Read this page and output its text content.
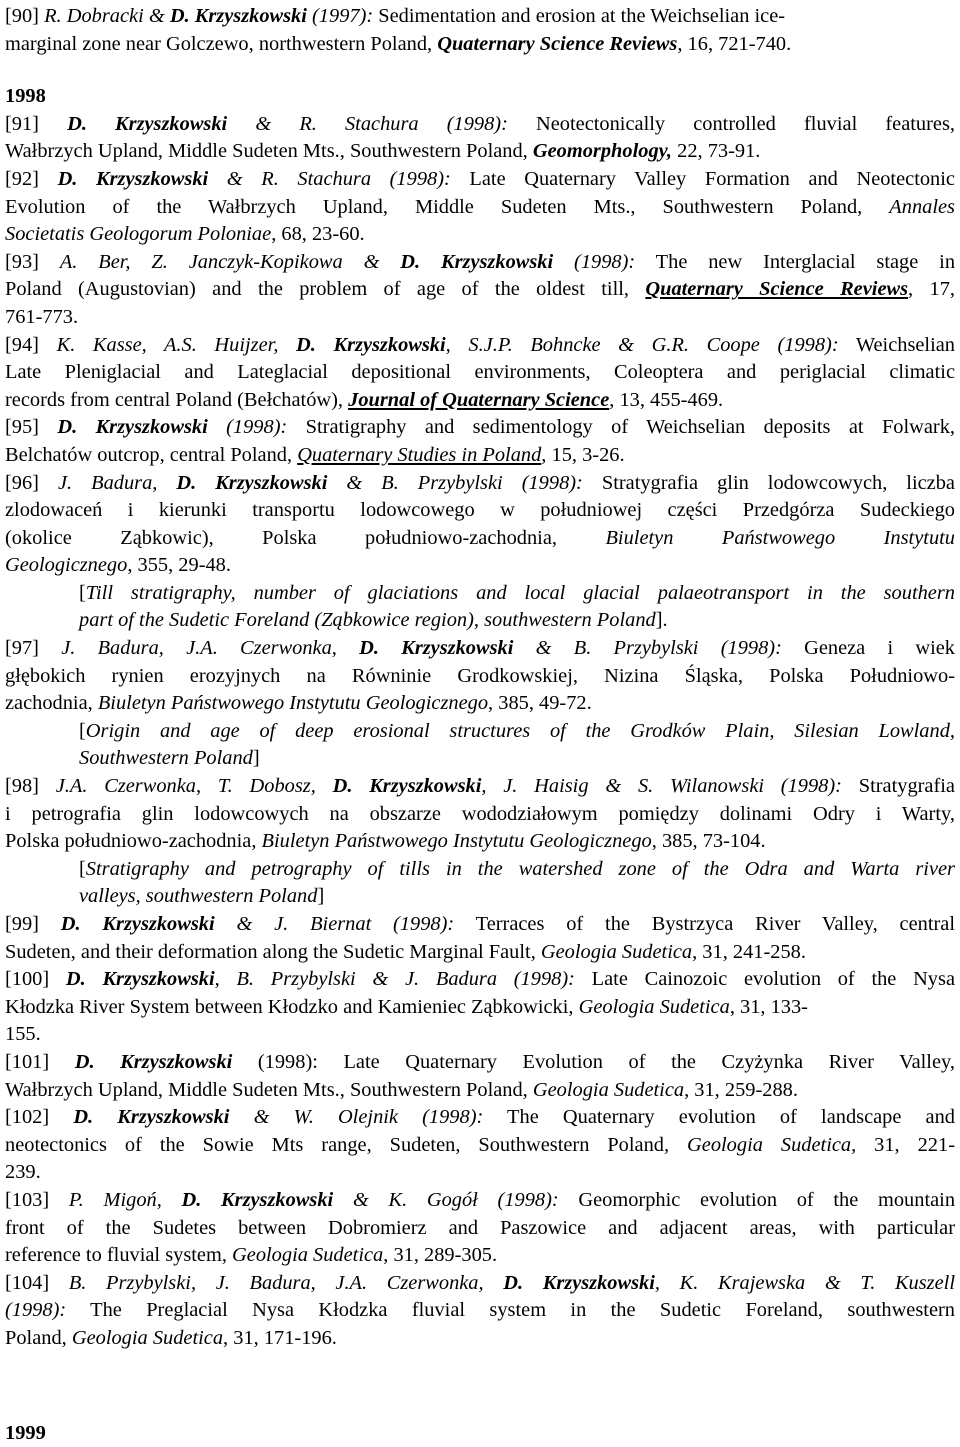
[90] R. Dobracki & D. Krzyszkowski (1997): Sedimentation and erosion at the Weichselian ice-
marginal zone near Golczewo, northwestern Poland, Quaternary Science Reviews, 16, 721-740.
1998
[91] D. Krzyszkowski & R. Stachura (1998): Neotectonically controlled fluvial features,
Wałbrzych Upland, Middle Sudeten Mts., Southwestern Poland, Geomorphology, 22, 73-91.
[92] D. Krzyszkowski & R. Stachura (1998): Late Quaternary Valley Formation and Neotectonic
Evolution of the Wałbrzych Upland, Middle Sudeten Mts., Southwestern Poland, Annales
Societatis Geologorum Poloniae, 68, 23-60.
[93] A. Ber, Z. Janczyk-Kopikowa & D. Krzyszkowski (1998): The new Interglacial stage in
Poland (Augustovian) and the problem of age of the oldest till, Quaternary Science Reviews, 17,
761-773.
[94] K. Kasse, A.S. Huijzer, D. Krzyszkowski, S.J.P. Bohncke & G.R. Coope (1998): Weichselian
Late Pleniglacial and Lateglacial depositional environments, Coleoptera and periglacial climatic
records from central Poland (Bełchatów), Journal of Quaternary Science, 13, 455-469.
[95] D. Krzyszkowski (1998): Stratigraphy and sedimentology of Weichselian deposits at Folwark,
Belchatów outcrop, central Poland, Quaternary Studies in Poland, 15, 3-26.
[96] J. Badura, D. Krzyszkowski & B. Przybylski (1998): Stratygrafia glin lodowcowych, liczba
zlodowaceń i kierunki transportu lodowcowego w południowej części Przedgórza Sudeckiego
(okolice Ząbkowic), Polska południowo-zachodnia, Biuletyn Państwowego Instytutu
Geologicznego, 355, 29-48.
[Till stratigraphy, number of glaciations and local glacial palaeotransport in the southern
part of the Sudetic Foreland (Ząbkowice region), southwestern Poland].
[97] J. Badura, J.A. Czerwonka, D. Krzyszkowski & B. Przybylski (1998): Geneza i wiek
głębokich rynien erozyjnych na Równinie Grodkowskiej, Nizina Śląska, Polska Południowo-
zachodnia, Biuletyn Państwowego Instytutu Geologicznego, 385, 49-72.
[Origin and age of deep erosional structures of the Grodków Plain, Silesian Lowland,
Southwestern Poland]
[98] J.A. Czerwonka, T. Dobosz, D. Krzyszkowski, J. Haisig & S. Wilanowski (1998): Stratygrafia
i petrografia glin lodowcowych na obszarze wododziałowym pomiędzy dolinami Odry i Warty,
Polska południowo-zachodnia, Biuletyn Państwowego Instytutu Geologicznego, 385, 73-104.
[Stratigraphy and petrography of tills in the watershed zone of the Odra and Warta river
valleys, southwestern Poland]
[99] D. Krzyszkowski & J. Biernat (1998): Terraces of the Bystrzyca River Valley, central
Sudeten, and their deformation along the Sudetic Marginal Fault, Geologia Sudetica, 31, 241-258.
[100] D. Krzyszkowski, B. Przybylski & J. Badura (1998): Late Cainozoic evolution of the Nysa
Kłodzka River System between Kłodzko and Kamieniec Ząbkowicki, Geologia Sudetica, 31, 133-
155.
[101] D. Krzyszkowski (1998): Late Quaternary Evolution of the Czyżynka River Valley,
Wałbrzych Upland, Middle Sudeten Mts., Southwestern Poland, Geologia Sudetica, 31, 259-288.
[102] D. Krzyszkowski & W. Olejnik (1998): The Quaternary evolution of landscape and
neotectonics of the Sowie Mts range, Sudeten, Southwestern Poland, Geologia Sudetica, 31, 221-
239.
[103] P. Migoń, D. Krzyszkowski & K. Gogół (1998): Geomorphic evolution of the mountain
front of the Sudetes between Dobromierz and Paszowice and adjacent areas, with particular
reference to fluvial system, Geologia Sudetica, 31, 289-305.
[104] B. Przybylski, J. Badura, J.A. Czerwonka, D. Krzyszkowski, K. Krajewska & T. Kuszell
(1998): The Preglacial Nysa Kłodzka fluvial system in the Sudetic Foreland, southwestern
Poland, Geologia Sudetica, 31, 171-196.
1999
